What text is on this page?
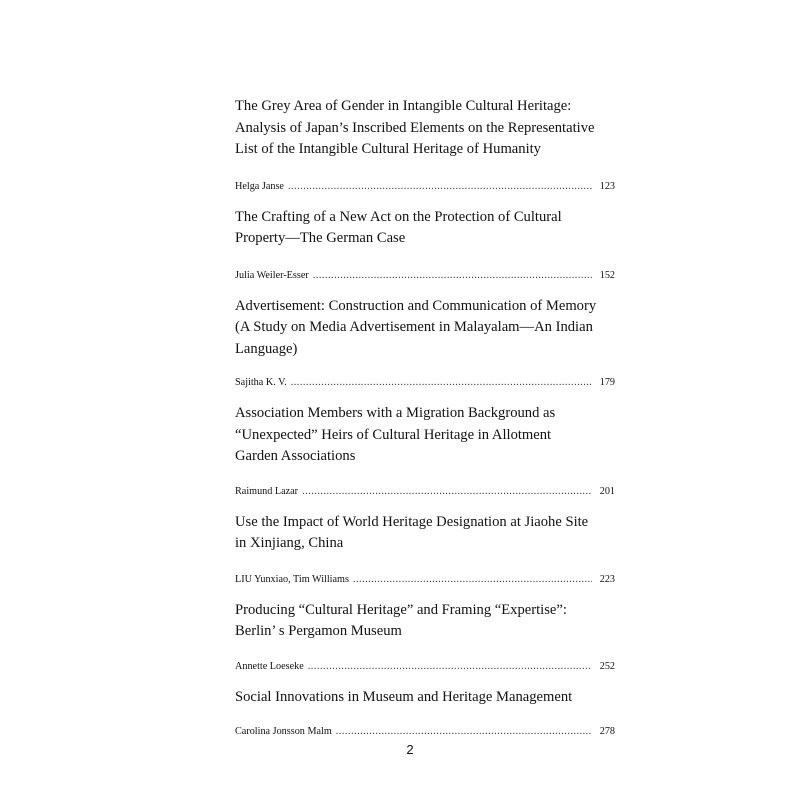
The Grey Area of Gender in Intangible Cultural Heritage:
Analysis of Japan’s Inscribed Elements on the Representative
List of the Intangible Cultural Heritage of Humanity
Helga Janse .....	123
The Crafting of a New Act on the Protection of Cultural
Property—The German Case
Julia Weiler-Esser .....	152
Advertisement: Construction and Communication of Memory
(A Study on Media Advertisement in Malayalam—An Indian
Language)
Sajitha K. V. .....	179
Association Members with a Migration Background as
“Unexpected” Heirs of Cultural Heritage in Allotment
Garden Associations
Raimund Lazar .....	201
Use the Impact of World Heritage Designation at Jiaohe Site
in Xinjiang, China
LIU Yunxiao, Tim Williams .....	223
Producing “Cultural Heritage” and Framing “Expertise”:
Berlin’ s Pergamon Museum
Annette Loeseke .....	252
Social Innovations in Museum and Heritage Management
Carolina Jonsson Malm .....	278
2
